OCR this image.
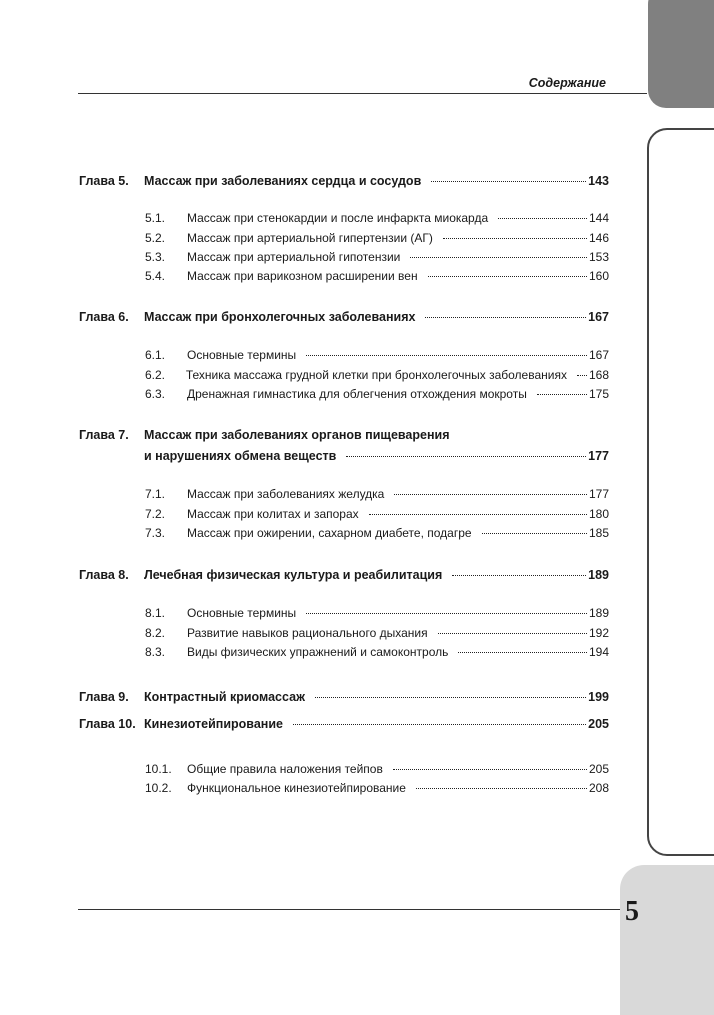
5
Содержание
Глава 5.	Массаж при заболеваниях сердца и сосудов	143
5.1.	Массаж при стенокардии и после инфаркта миокарда	144
5.2.	Массаж при артериальной гипертензии (АГ)	146
5.3.	Массаж при артериальной гипотензии	153
5.4.	Массаж при варикозном расширении вен	160
Глава 6.	Массаж при бронхолегочных заболеваниях	167
6.1.	Основные термины	167
6.2.	Техника массажа грудной клетки при бронхолегочных заболеваниях 168
6.3.	Дренажная гимнастика для облегчения отхождения мокроты	175
Глава 7.	Массаж при заболеваниях органов пищеварения
и нарушениях обмена веществ	177
7.1.	Массаж при заболеваниях желудка	177
7.2.	Массаж при колитах и запорах	180
7.3.	Массаж при ожирении, сахарном диабете, подагре	185
Глава 8.	Лечебная физическая культура и реабилитация	189
8.1.	Основные термины	189
8.2.	Развитие навыков рационального дыхания	192
8.3.	Виды физических упражнений и самоконтроль	194
Глава 9.	Контрастный криомассаж	199
Глава 10. Кинезиотейпирование	205
10.1.	Общие правила наложения тейпов	205
10.2.	Функциональное кинезиотейпирование	208
